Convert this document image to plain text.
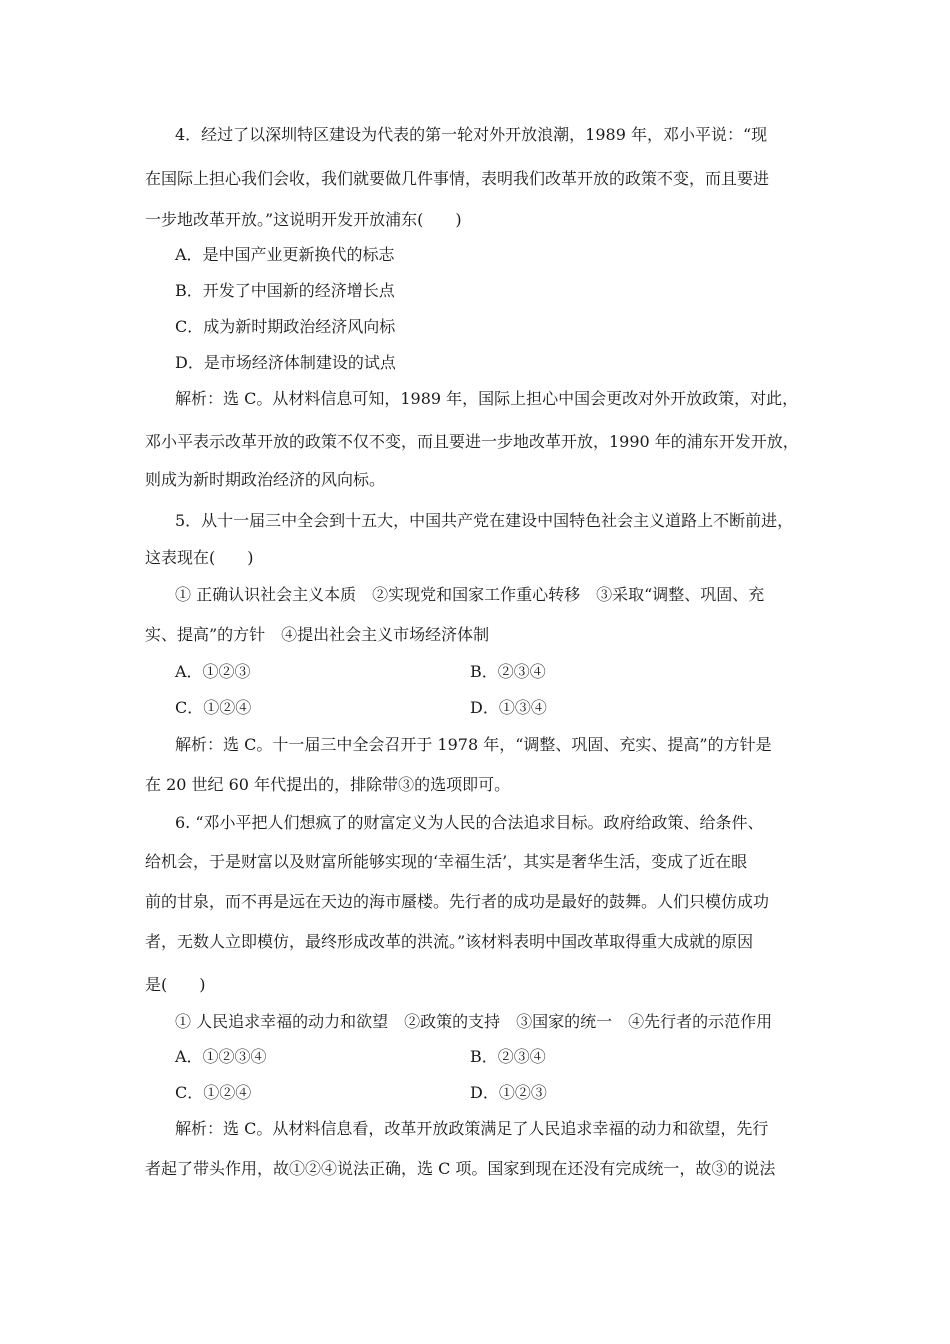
4．经过了以深圳特区建设为代表的第一轮对外开放浪潮，1989 年，邓小平说：“现
在国际上担心我们会收，我们就要做几件事情，表明我们改革开放的政策不变，而且要进
一步地改革开放。”这说明开发开放浦东(　　)
A．是中国产业更新换代的标志
B．开发了中国新的经济增长点
C．成为新时期政治经济风向标
D．是市场经济体制建设的试点
解析：选 C。从材料信息可知，1989 年，国际上担心中国会更改对外开放政策，对此，
邓小平表示改革开放的政策不仅不变，而且要进一步地改革开放，1990 年的浦东开发开放，
则成为新时期政治经济的风向标。
5．从十一届三中全会到十五大，中国共产党在建设中国特色社会主义道路上不断前进，
这表现在(　　)
① 正确认识社会主义本质　②实现党和国家工作重心转移　③采取“调整、巩固、充
实、提高”的方针　④提出社会主义市场经济体制
A．①②③	B．②③④
C．①②④	D．①③④
解析：选 C。十一届三中全会召开于 1978 年，“调整、巩固、充实、提高”的方针是
在 20 世纪 60 年代提出的，排除带③的选项即可。
6. “邓小平把人们想疯了的财富定义为人民的合法追求目标。政府给政策、给条件、
给机会，于是财富以及财富所能够实现的‘幸福生活’，其实是奢华生活，变成了近在眼
前的甘泉，而不再是远在天边的海市蜃楼。先行者的成功是最好的鼓舞。人们只模仿成功
者，无数人立即模仿，最终形成改革的洪流。”该材料表明中国改革取得重大成就的原因
是(　　)
① 人民追求幸福的动力和欲望　②政策的支持　③国家的统一　④先行者的示范作用
A．①②③④	B．②③④
C．①②④	D．①②③
解析：选 C。从材料信息看，改革开放政策满足了人民追求幸福的动力和欲望，先行
者起了带头作用，故①②④说法正确，选 C 项。国家到现在还没有完成统一，故③的说法
